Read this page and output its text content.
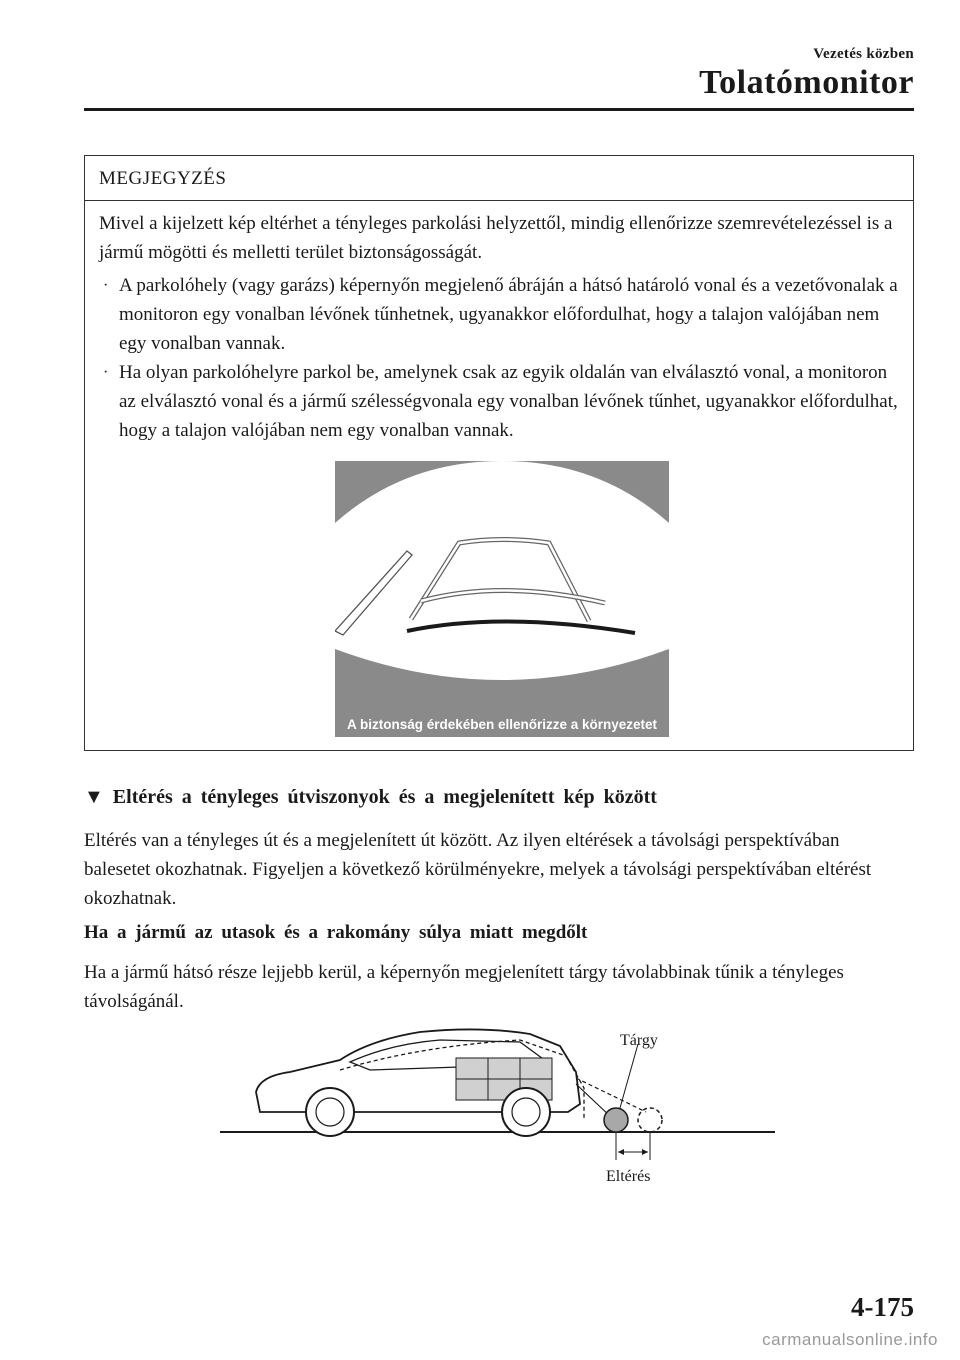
Vezetés közben
Tolatómonitor
MEGJEGYZÉS
Mivel a kijelzett kép eltérhet a tényleges parkolási helyzettől, mindig ellenőrizze szemrevételezéssel is a jármű mögötti és melletti terület biztonságosságát.
· A parkolóhely (vagy garázs) képernyőn megjelenő ábráján a hátsó határoló vonal és a vezetővonalak a monitoron egy vonalban lévőnek tűnhetnek, ugyanakkor előfordulhat, hogy a talajon valójában nem egy vonalban vannak.
· Ha olyan parkolóhelyre parkol be, amelynek csak az egyik oldalán van elválasztó vonal, a monitoron az elválasztó vonal és a jármű szélességvonala egy vonalban lévőnek tűnhet, ugyanakkor előfordulhat, hogy a talajon valójában nem egy vonalban vannak.
A biztonság érdekében ellenőrizze a környezetet
▼ Eltérés a tényleges útviszonyok és a megjelenített kép között
Eltérés van a tényleges út és a megjelenített út között. Az ilyen eltérések a távolsági perspektívában balesetet okozhatnak. Figyeljen a következő körülményekre, melyek a távolsági perspektívában eltérést okozhatnak.
Ha a jármű az utasok és a rakomány súlya miatt megdőlt
Ha a jármű hátsó része lejjebb kerül, a képernyőn megjelenített tárgy távolabbinak tűnik a tényleges távolságánál.
Tárgy
Eltérés
4-175
carmanualsonline.info
